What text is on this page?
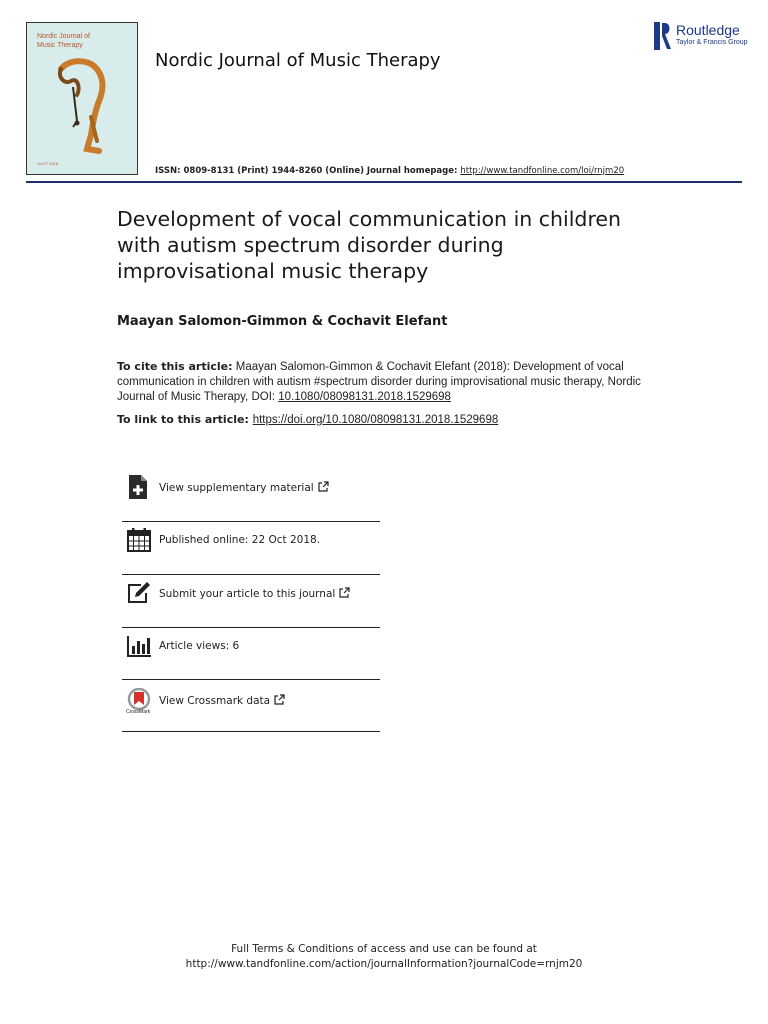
Nordic Journal of
Music Therapy
Vol 27 2018
Nordic Journal of Music Therapy
Routledge
Taylor & Francis Group
ISSN: 0809-8131 (Print) 1944-8260 (Online) Journal homepage: http://www.tandfonline.com/loi/rnjm20
Development of vocal communication in children with autism spectrum disorder during improvisational music therapy
Maayan Salomon-Gimmon & Cochavit Elefant
To cite this article: Maayan Salomon-Gimmon & Cochavit Elefant (2018): Development of vocal communication in children with autism #spectrum disorder during improvisational music therapy, Nordic Journal of Music Therapy, DOI: 10.1080/08098131.2018.1529698
To link to this article: https://doi.org/10.1080/08098131.2018.1529698
View supplementary material
Published online: 22 Oct 2018.
Submit your article to this journal
Article views: 6
CrossMark
View Crossmark data
Full Terms & Conditions of access and use can be found at
http://www.tandfonline.com/action/journalInformation?journalCode=rnjm20
